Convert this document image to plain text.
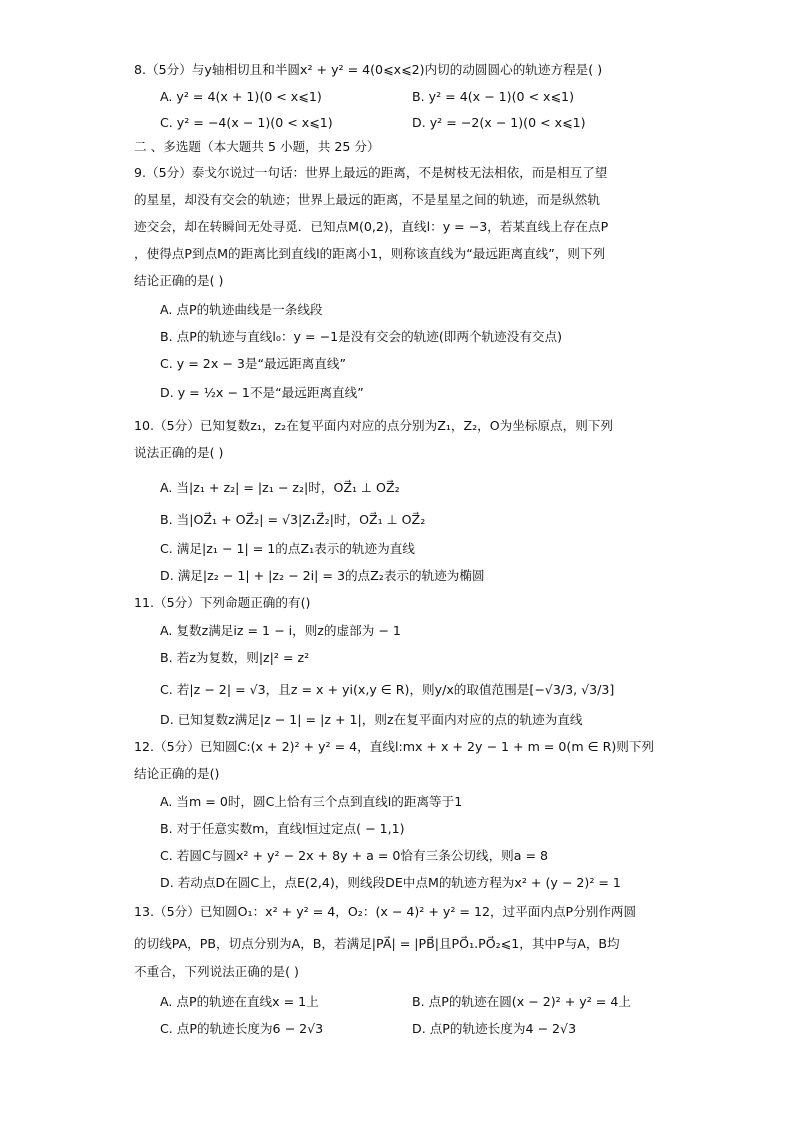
8.（5分）与y轴相切且和半圆x² + y² = 4(0⩽x⩽2)内切的动圆圆心的轨迹方程是( )
A. y² = 4(x + 1)(0 < x⩽1)	B. y² = 4(x − 1)(0 < x⩽1)
C. y² = −4(x − 1)(0 < x⩽1)	D. y² = −2(x − 1)(0 < x⩽1)
二 、多选题（本大题共 5 小题，共 25 分）
9.（5分）泰戈尔说过一句话：世界上最远的距离，不是树枝无法相依，而是相互了望
的星星，却没有交会的轨迹；世界上最远的距离，不是星星之间的轨迹，而是纵然轨
迹交会，却在转瞬间无处寻觅．已知点M(0,2)，直线l：y = −3，若某直线上存在点P
，使得点P到点M的距离比到直线l的距离小1，则称该直线为“最远距离直线”，则下列
结论正确的是( )
A. 点P的轨迹曲线是一条线段
B. 点P的轨迹与直线l₀：y = −1是没有交会的轨迹(即两个轨迹没有交点)
C. y = 2x − 3是“最远距离直线”
D. y = ½x − 1不是“最远距离直线”
10.（5分）已知复数z₁，z₂在复平面内对应的点分别为Z₁，Z₂，O为坐标原点，则下列
说法正确的是( )
A. 当|z₁ + z₂| = |z₁ − z₂|时，OZ⃗₁ ⊥ OZ⃗₂
B. 当|OZ⃗₁ + OZ⃗₂| = √3|Z₁Z⃗₂|时，OZ⃗₁ ⊥ OZ⃗₂
C. 满足|z₁ − 1| = 1的点Z₁表示的轨迹为直线
D. 满足|z₂ − 1| + |z₂ − 2i| = 3的点Z₂表示的轨迹为椭圆
11.（5分）下列命题正确的有()
A. 复数z满足iz = 1 − i，则z的虚部为 − 1
B. 若z为复数，则|z|² = z²
C. 若|z − 2| = √3，且z = x + yi(x,y ∈ R)，则y/x的取值范围是[−√3/3, √3/3]
D. 已知复数z满足|z − 1| = |z + 1|，则z在复平面内对应的点的轨迹为直线
12.（5分）已知圆C:(x + 2)² + y² = 4，直线l:mx + x + 2y − 1 + m = 0(m ∈ R)则下列
结论正确的是()
A. 当m = 0时，圆C上恰有三个点到直线l的距离等于1
B. 对于任意实数m，直线l恒过定点( − 1,1)
C. 若圆C与圆x² + y² − 2x + 8y + a = 0恰有三条公切线，则a = 8
D. 若动点D在圆C上，点E(2,4)，则线段DE中点M的轨迹方程为x² + (y − 2)² = 1
13.（5分）已知圆O₁：x² + y² = 4，O₂：(x − 4)² + y² = 12，过平面内点P分别作两圆
的切线PA，PB，切点分别为A，B，若满足|PA⃗| = |PB⃗|且PO⃗₁.PO⃗₂⩽1，其中P与A，B均
不重合，下列说法正确的是( )
A. 点P的轨迹在直线x = 1上	B. 点P的轨迹在圆(x − 2)² + y² = 4上
C. 点P的轨迹长度为6 − 2√3	D. 点P的轨迹长度为4 − 2√3
